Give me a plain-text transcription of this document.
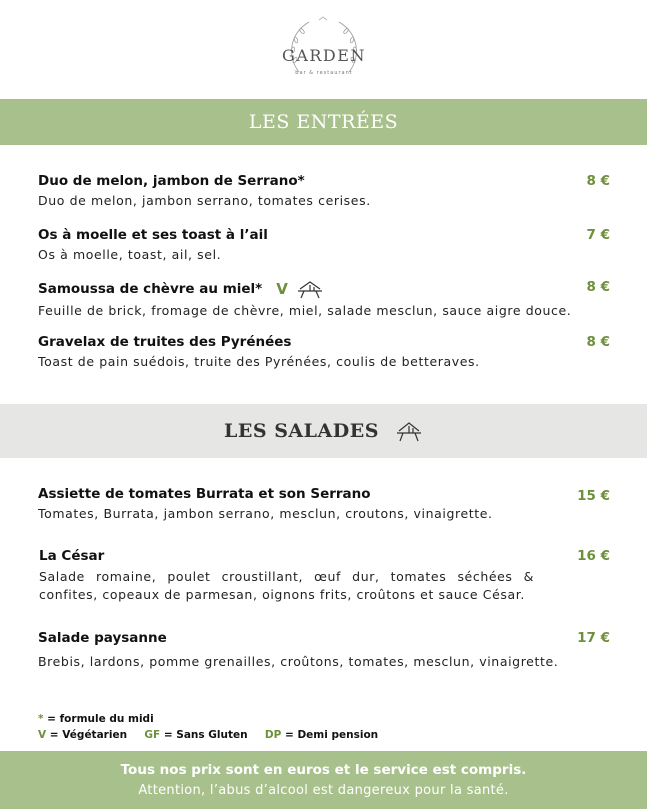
GARDEN
bar & restaurant
LES ENTRÉES
Duo de melon, jambon de Serrano*
Duo de melon, jambon serrano, tomates cerises.
8 €
Os à moelle et ses toast à l’ail
Os à moelle, toast, ail, sel.
7 €
Samoussa de chèvre au miel* V
Feuille de brick, fromage de chèvre, miel, salade mesclun, sauce aigre douce.
8 €
Gravelax de truites des Pyrénées
Toast de pain suédois, truite des Pyrénées, coulis de betteraves.
8 €
LES SALADES
Assiette de tomates Burrata et son Serrano
Tomates, Burrata, jambon serrano, mesclun, croutons, vinaigrette.
15 €
La César
Salade romaine, poulet croustillant, œuf dur, tomates séchées & confites, copeaux de parmesan, oignons frits, croûtons et sauce César.
16 €
Salade paysanne
Brebis, lardons, pomme grenailles, croûtons, tomates, mesclun, vinaigrette.
17 €
* = formule du midi
V = Végétarien GF = Sans Gluten DP = Demi pension
Tous nos prix sont en euros et le service est compris.
Attention, l’abus d’alcool est dangereux pour la santé.
